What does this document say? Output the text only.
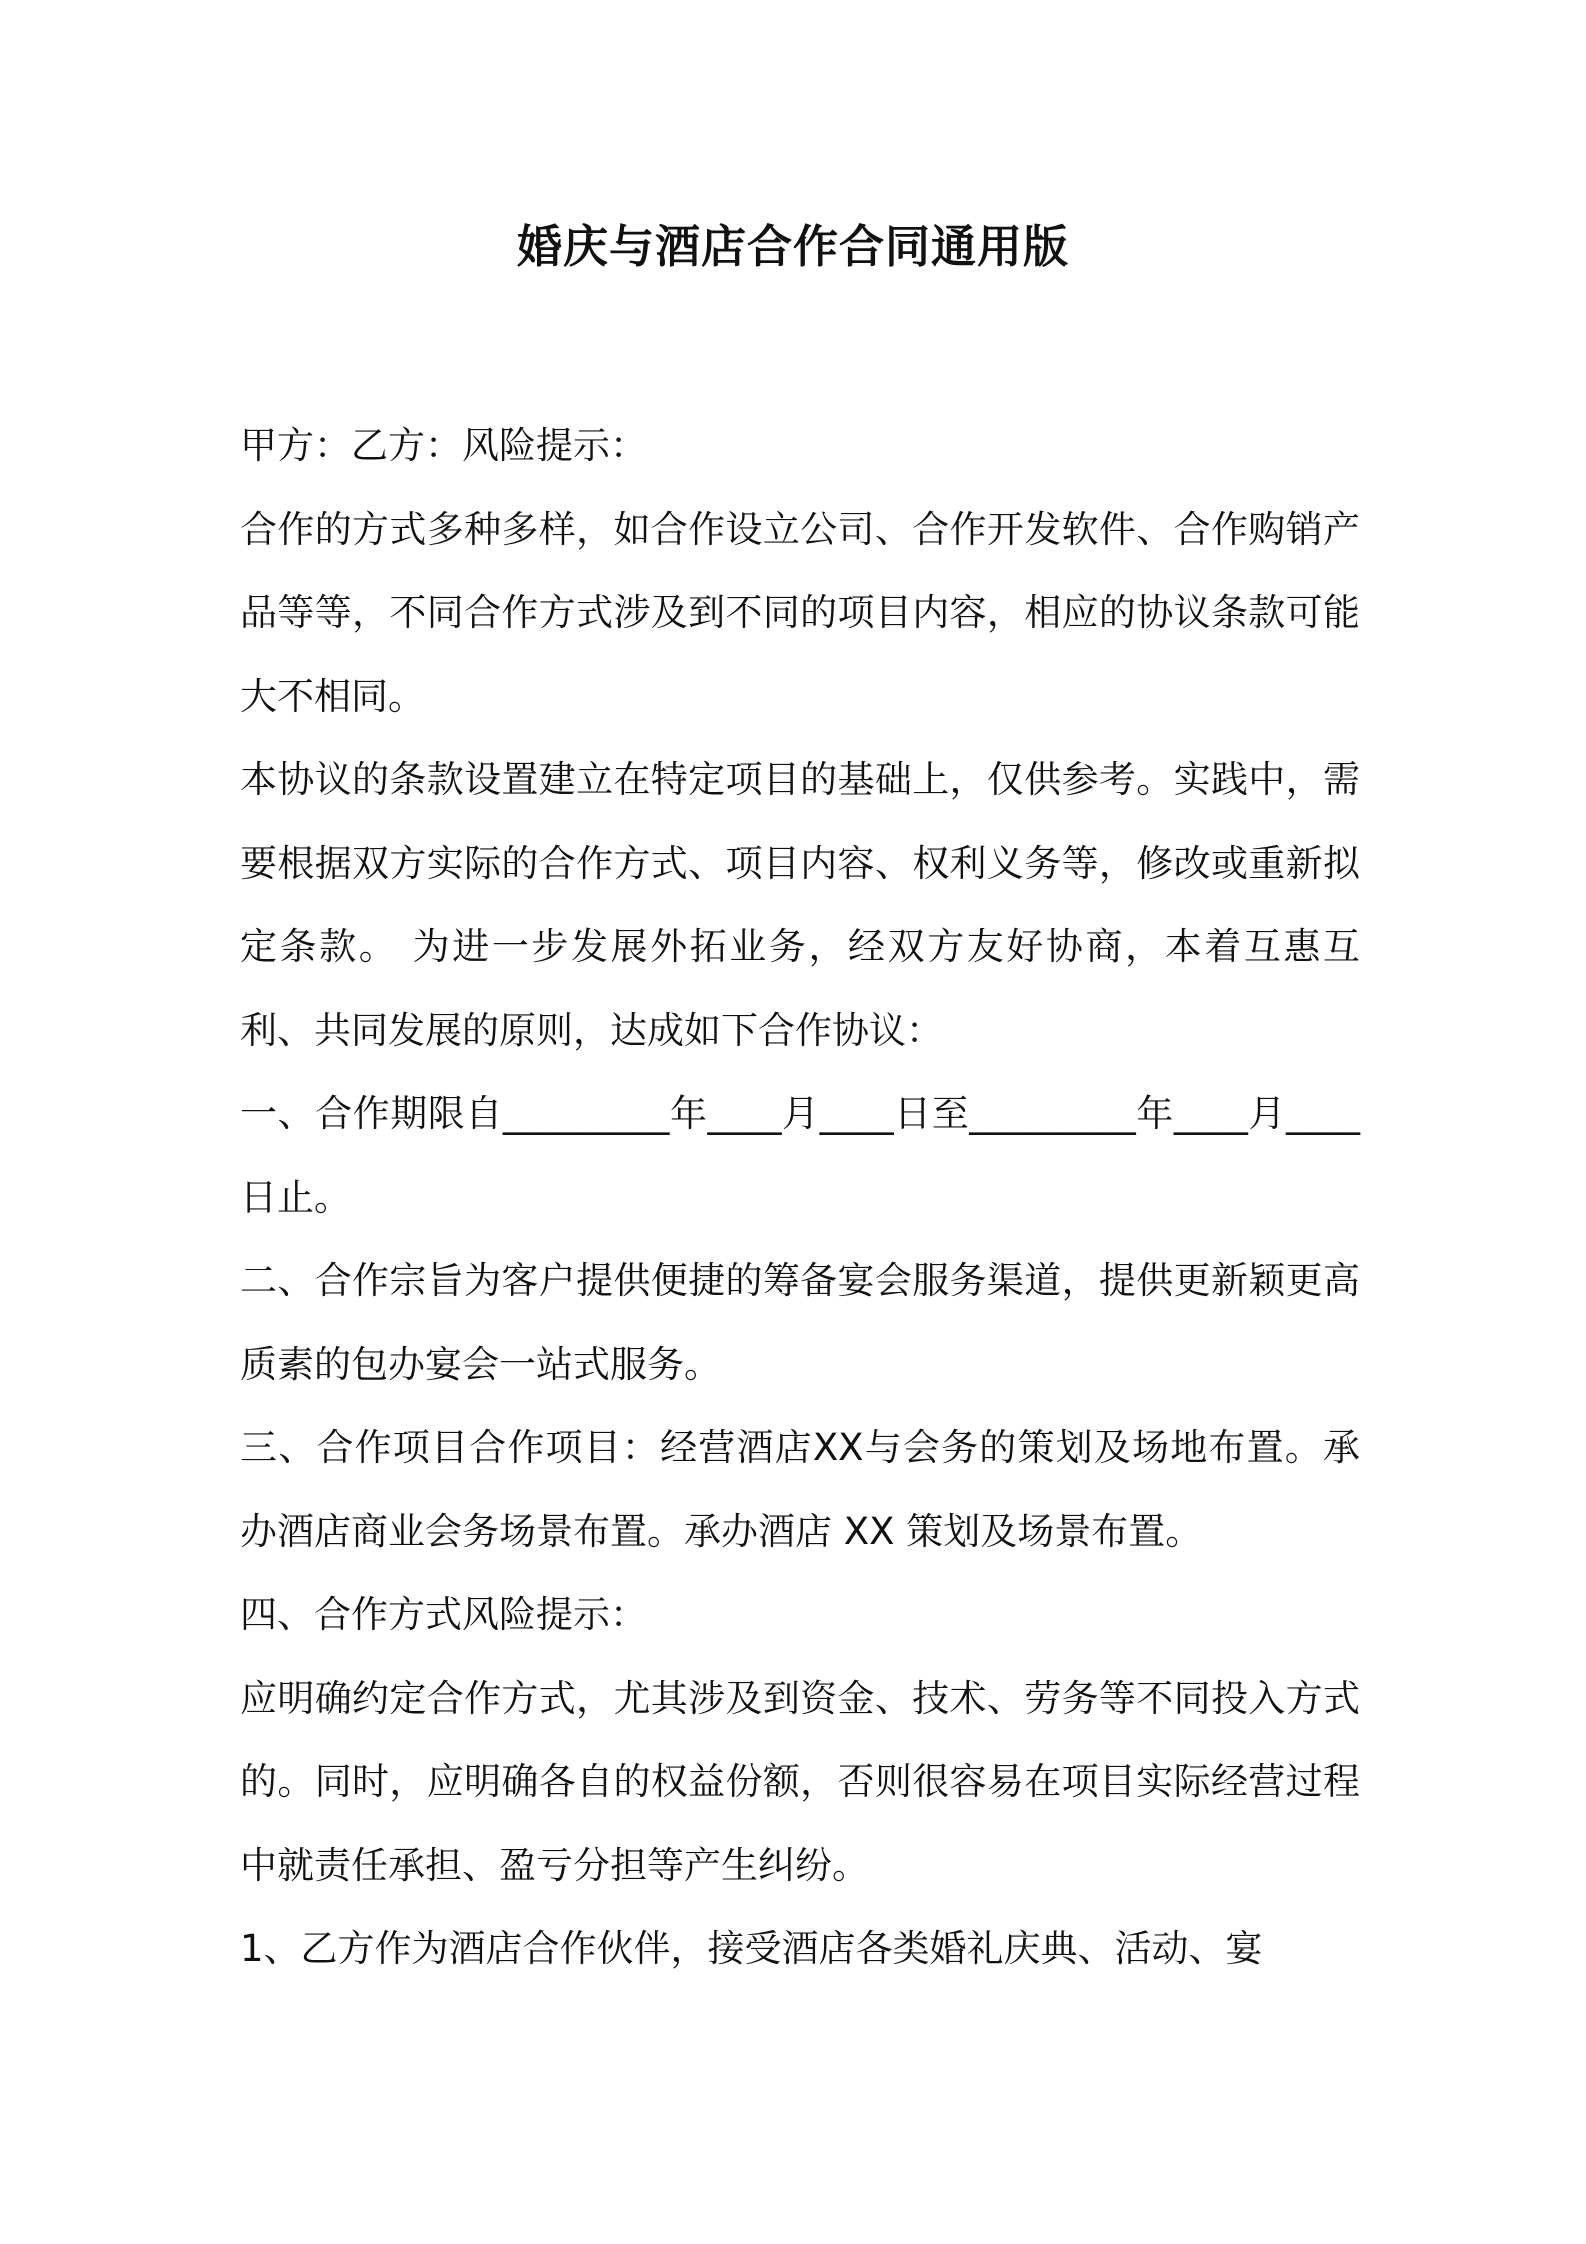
婚庆与酒店合作合同通用版

甲方：乙方：风险提示：

合作的方式多种多样，如合作设立公司、合作开发软件、合作购销产品等等，不同合作方式涉及到不同的项目内容，相应的协议条款可能大不相同。

本协议的条款设置建立在特定项目的基础上，仅供参考。实践中，需要根据双方实际的合作方式、项目内容、权利义务等，修改或重新拟定条款。 为进一步发展外拓业务，经双方友好协商，本着互惠互利、共同发展的原则，达成如下合作协议：

一、合作期限自_________年____月____日至_________年____月____日止。

二、合作宗旨为客户提供便捷的筹备宴会服务渠道，提供更新颖更高质素的包办宴会一站式服务。

三、合作项目合作项目：经营酒店XX与会务的策划及场地布置。承办酒店商业会务场景布置。承办酒店 XX 策划及场景布置。

四、合作方式风险提示：

应明确约定合作方式，尤其涉及到资金、技术、劳务等不同投入方式的。同时，应明确各自的权益份额，否则很容易在项目实际经营过程中就责任承担、盈亏分担等产生纠纷。

1、乙方作为酒店合作伙伴，接受酒店各类婚礼庆典、活动、宴
